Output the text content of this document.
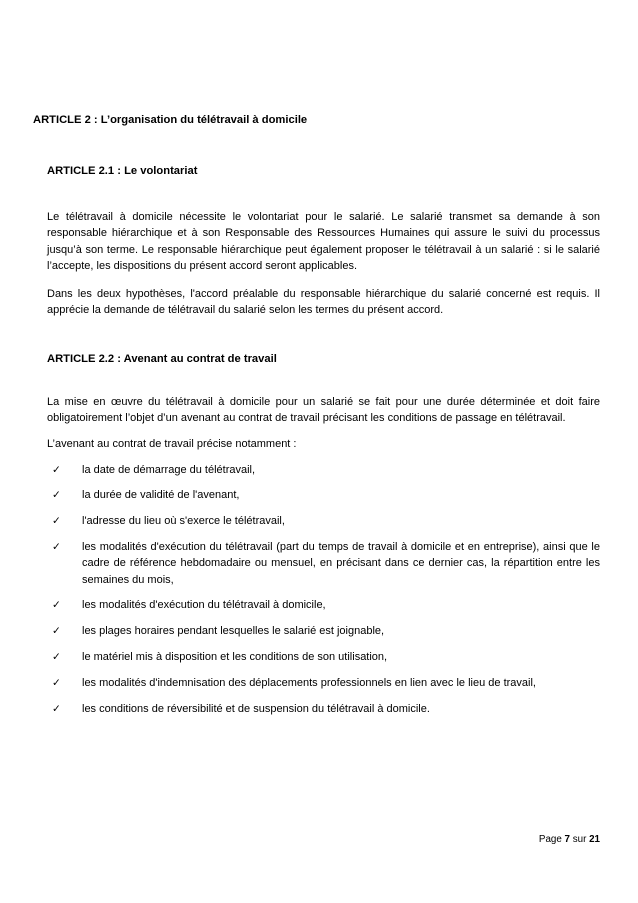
ARTICLE 2 : L’organisation du télétravail à domicile
ARTICLE 2.1 : Le volontariat

Le télétravail à domicile nécessite le volontariat pour le salarié. Le salarié transmet sa demande à son responsable hiérarchique et à son Responsable des Ressources Humaines qui assure le suivi du processus jusqu’à son terme. Le responsable hiérarchique peut également proposer le télétravail à un salarié : si le salarié l’accepte, les dispositions du présent accord seront applicables.

Dans les deux hypothèses, l'accord préalable du responsable hiérarchique du salarié concerné est requis. Il apprécie la demande de télétravail du salarié selon les termes du présent accord.

ARTICLE 2.2 : Avenant au contrat de travail

La mise en œuvre du télétravail à domicile pour un salarié se fait pour une durée déterminée et doit faire obligatoirement l’objet d’un avenant au contrat de travail précisant les conditions de passage en télétravail.

L’avenant au contrat de travail précise notamment :

✓ la date de démarrage du télétravail,
✓ la durée de validité de l'avenant,
✓ l'adresse du lieu où s'exerce le télétravail,
✓ les modalités d'exécution du télétravail (part du temps de travail à domicile et en entreprise), ainsi que le cadre de référence hebdomadaire ou mensuel, en précisant dans ce dernier cas, la répartition entre les semaines du mois,
✓ les modalités d'exécution du télétravail à domicile,
✓ les plages horaires pendant lesquelles le salarié est joignable,
✓ le matériel mis à disposition et les conditions de son utilisation,
✓ les modalités d'indemnisation des déplacements professionnels en lien avec le lieu de travail,
✓ les conditions de réversibilité et de suspension du télétravail à domicile.
Page 7 sur 21
